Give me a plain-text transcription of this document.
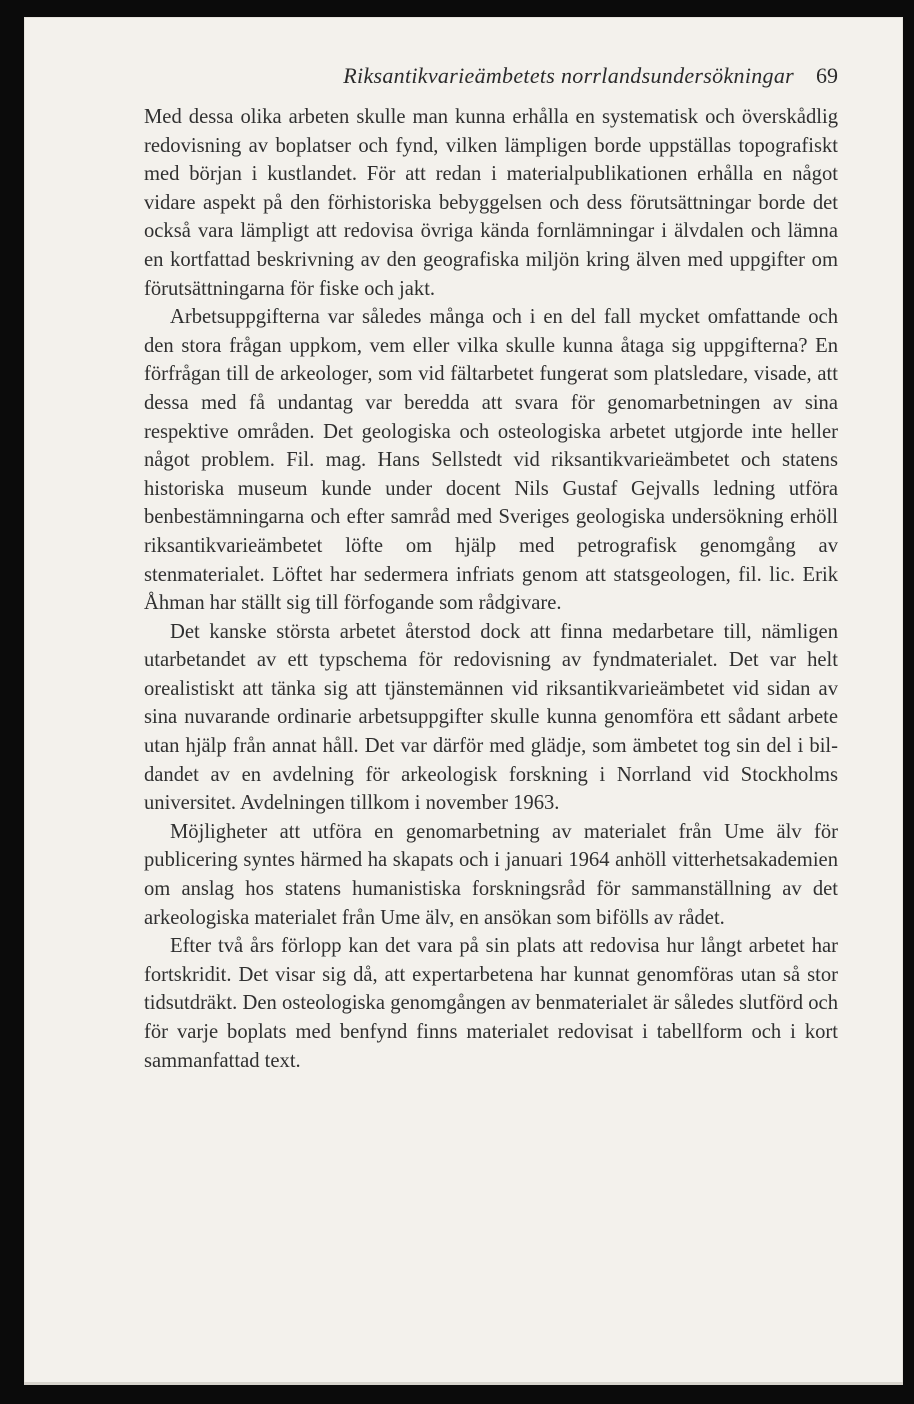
Riksantikvarieämbetets norrlandsundersökningar 69

Med dessa olika arbeten skulle man kunna erhålla en systematisk och överskådlig redovisning av boplatser och fynd, vilken lämpligen borde uppställas topografiskt med början i kustlandet. För att redan i materialpublikationen erhålla en något vidare aspekt på den förhistoriska bebyggelsen och dess förutsättningar borde det också vara lämpligt att redovisa övriga kända fornlämningar i älvdalen och lämna en kortfattad beskrivning av den geografiska miljön kring älven med uppgifter om förutsättningarna för fiske och jakt.

Arbetsuppgifterna var således många och i en del fall mycket omfattande och den stora frågan uppkom, vem eller vilka skulle kunna åtaga sig uppgifterna? En förfrågan till de arkeologer, som vid fältarbetet fungerat som platsledare, visade, att dessa med få undantag var beredda att svara för genomarbetningen av sina respektive områden. Det geologiska och osteologiska arbetet utgjorde inte heller något problem. Fil. mag. Hans Sellstedt vid riksantikvarieämbetet och statens historiska museum kunde under docent Nils Gustaf Gejvalls ledning utföra benbestämningarna och efter samråd med Sveriges geologiska undersökning erhöll riksantikvarieämbetet löfte om hjälp med petrografisk genomgång av stenmaterialet. Löftet har sedermera infriats genom att statsgeologen, fil. lic. Erik Åhman har ställt sig till förfogande som rådgivare.

Det kanske största arbetet återstod dock att finna medarbetare till, nämligen utarbetandet av ett typschema för redovisning av fyndmaterialet. Det var helt orealistiskt att tänka sig att tjänstemännen vid riksantikvarieämbetet vid sidan av sina nuvarande ordinarie arbetsuppgifter skulle kunna genomföra ett sådant arbete utan hjälp från annat håll. Det var därför med glädje, som ämbetet tog sin del i bildandet av en avdelning för arkeologisk forskning i Norrland vid Stockholms universitet. Avdelningen tillkom i november 1963.

Möjligheter att utföra en genomarbetning av materialet från Ume älv för publicering syntes härmed ha skapats och i januari 1964 anhöll vitterhetsakademien om anslag hos statens humanistiska forskningsråd för sammanställning av det arkeologiska materialet från Ume älv, en ansökan som bifölls av rådet.

Efter två års förlopp kan det vara på sin plats att redovisa hur långt arbetet har fortskridit. Det visar sig då, att expertarbetena har kunnat genomföras utan så stor tidsutdräkt. Den osteologiska genomgången av benmaterialet är således slutförd och för varje boplats med benfynd finns materialet redovisat i tabellform och i kort sammanfattad text.
